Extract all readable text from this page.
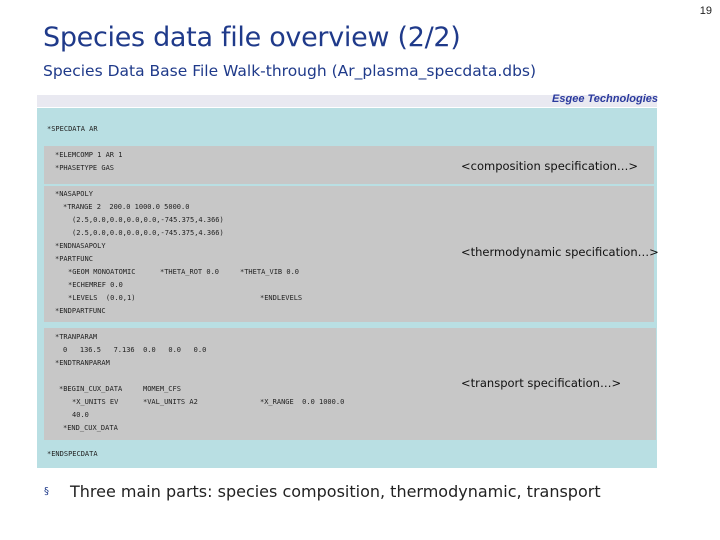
19
Species data file overview (2/2)
Species Data Base File Walk-through (Ar_plasma_specdata.dbs)
Esgee Technologies
*SPECDATA AR
*ELEMCOMP 1 AR 1
*PHASETYPE GAS
*NASAPOLY
*TRANGE 2  200.0 1000.0 5000.0
(2.5,0.0,0.0,0.0,0.0,-745.375,4.366)
(2.5,0.0,0.0,0.0,0.0,-745.375,4.366)
*ENDNASAPOLY
*PARTFUNC
*GEOM MONOATOMIC	*THETA_ROT 0.0	*THETA_VIB 0.0
*ECHEMREF 0.0
*LEVELS  (0.0,1)	*ENDLEVELS
*ENDPARTFUNC
*TRANPARAM
0   136.5   7.136  0.0   0.0   0.0
*ENDTRANPARAM
*BEGIN_CUX_DATA	MOMEM_CFS
*X_UNITS EV	*VAL_UNITS A2	*X_RANGE  0.0 1000.0
40.0
*END_CUX_DATA
*ENDSPECDATA
<composition specification…>
<thermodynamic specification…>
<transport specification…>
§ Three main parts: species composition, thermodynamic, transport
